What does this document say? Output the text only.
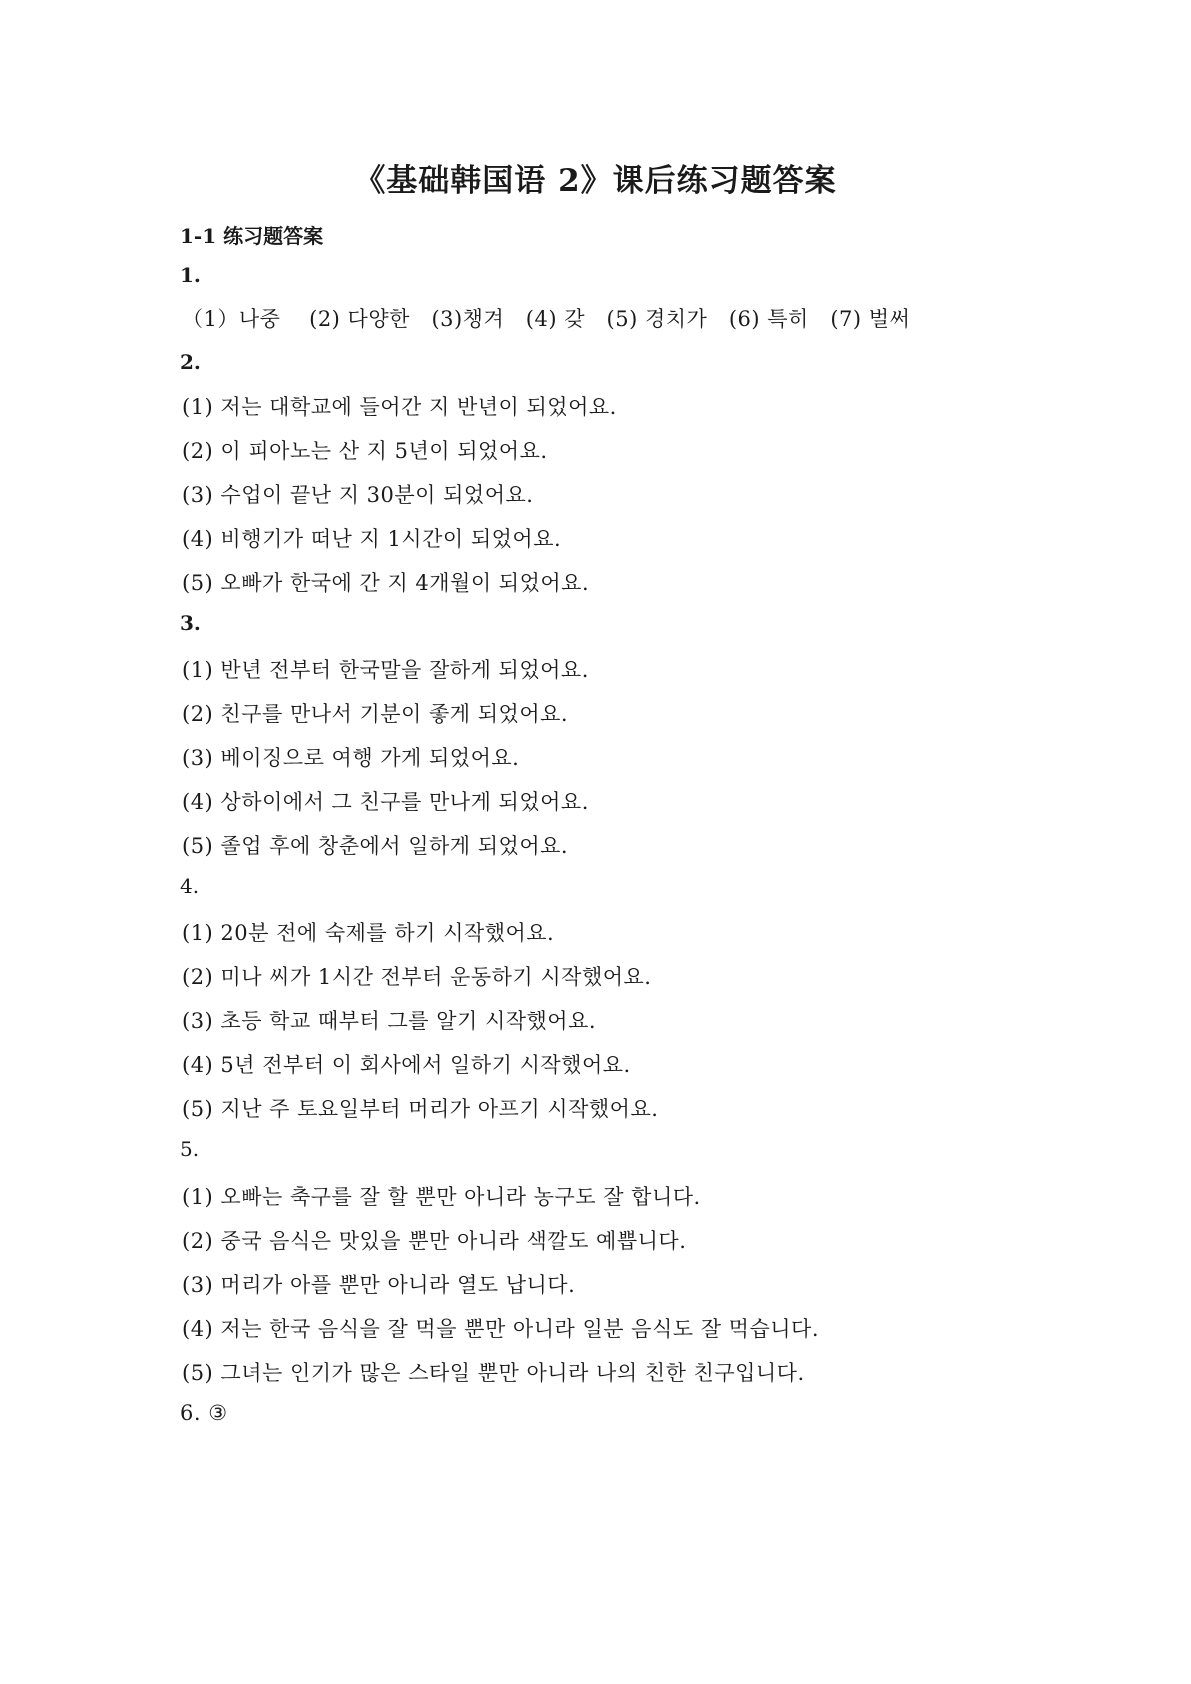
《基础韩国语 2》课后练习题答案
1-1 练习题答案
1.
（1）나중    (2) 다양한   (3)챙겨   (4) 갖   (5) 경치가   (6) 특히   (7) 벌써
2.
(1) 저는 대학교에 들어간 지 반년이 되었어요.
(2) 이 피아노는 산 지 5년이 되었어요.
(3) 수업이 끝난 지 30분이 되었어요.
(4) 비행기가 떠난 지 1시간이 되었어요.
(5) 오빠가 한국에 간 지 4개월이 되었어요.
3.
(1) 반년 전부터 한국말을 잘하게 되었어요.
(2) 친구를 만나서 기분이 좋게 되었어요.
(3) 베이징으로 여행 가게 되었어요.
(4) 상하이에서 그 친구를 만나게 되었어요.
(5) 졸업 후에 창춘에서 일하게 되었어요.
4.
(1) 20분 전에 숙제를 하기 시작했어요.
(2) 미나 씨가 1시간 전부터 운동하기 시작했어요.
(3) 초등 학교 때부터 그를 알기 시작했어요.
(4) 5년 전부터 이 회사에서 일하기 시작했어요.
(5) 지난 주 토요일부터 머리가 아프기 시작했어요.
5.
(1) 오빠는 축구를 잘 할 뿐만 아니라 농구도 잘 합니다.
(2) 중국 음식은 맛있을 뿐만 아니라 색깔도 예쁩니다.
(3) 머리가 아플 뿐만 아니라 열도 납니다.
(4) 저는 한국 음식을 잘 먹을 뿐만 아니라 일분 음식도 잘 먹습니다.
(5) 그녀는 인기가 많은 스타일 뿐만 아니라 나의 친한 친구입니다.
6. ③
